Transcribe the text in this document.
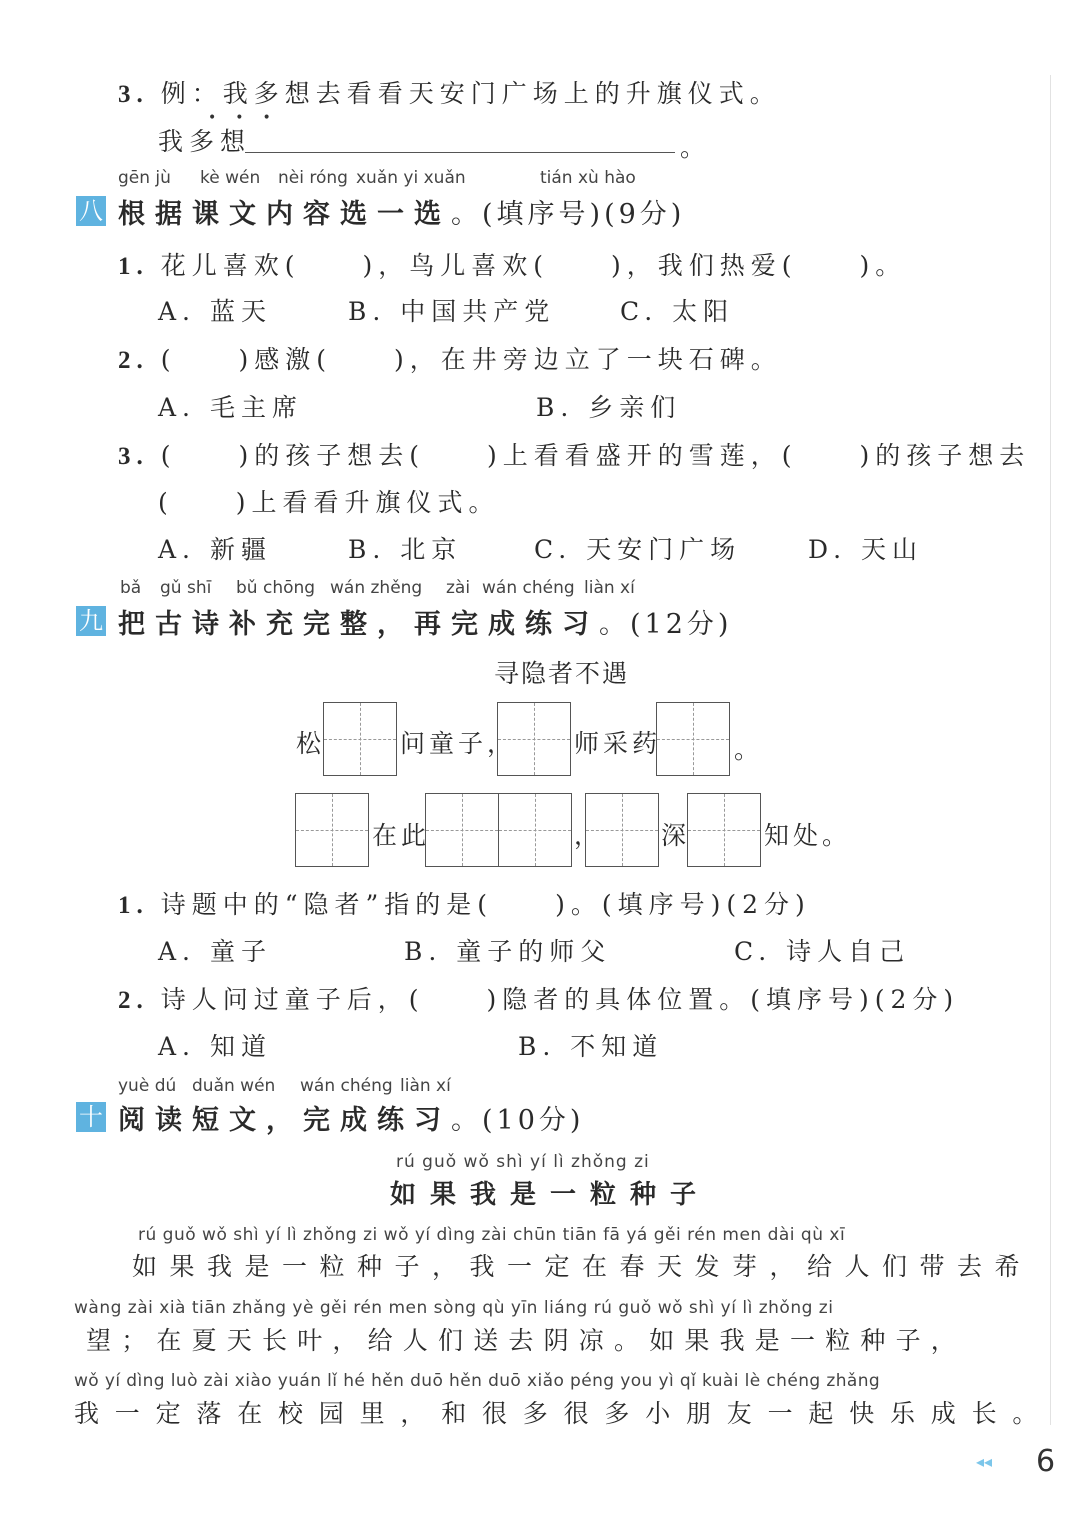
3. 例：我多想去看看天安门广场上的升旗仪式。
•••
我多想	。
gēn jù kè wén nèi róng xuǎn yi xuǎn	tián xù hào
八 根据课文内容选一选。(填序号)(9分)
1. 花儿喜欢(　　)，鸟儿喜欢(　　)，我们热爱(　　)。
A. 蓝天	B. 中国共产党	C. 太阳
2. (　　)感激(　　)，在井旁边立了一块石碑。
A. 毛主席	B. 乡亲们
3. (　　)的孩子想去(　　)上看看盛开的雪莲，(　　)的孩子想去
(　　)上看看升旗仪式。
A. 新疆	B. 北京	C. 天安门广场	D. 天山
bǎ gǔ shī bǔ chōng wán zhěng zài wán chéng liàn xí
九 把古诗补充完整，再完成练习。(12分)
寻隐者不遇
松	问童子， 师采药	。
在此	， 深	知处。
1. 诗题中的“隐者”指的是(　　)。(填序号)(2分)
A. 童子	B. 童子的师父	C. 诗人自己
2. 诗人问过童子后，(　　)隐者的具体位置。(填序号)(2分)
A. 知道	B. 不知道
yuè dú duǎn wén wán chéng liàn xí
十 阅读短文，完成练习。(10分)
rú guǒ wǒ shì yí lì zhǒng zi
如果我是一粒种子
rú guǒ wǒ shì yí lì zhǒng zi wǒ yí dìng zài chūn tiān fā yá gěi rén men dài qù xī
如果我是一粒种子，我一定在春天发芽，给人们带去希
wàng zài xià tiān zhǎng yè gěi rén men sòng qù yīn liáng rú guǒ wǒ shì yí lì zhǒng zi
望；在夏天长叶，给人们送去阴凉。如果我是一粒种子，
wǒ yí dìng luò zài xiào yuán lǐ hé hěn duō hěn duō xiǎo péng you yì qǐ kuài lè chéng zhǎng
我一定落在校园里，和很多很多小朋友一起快乐成长。
◂◂ 6
